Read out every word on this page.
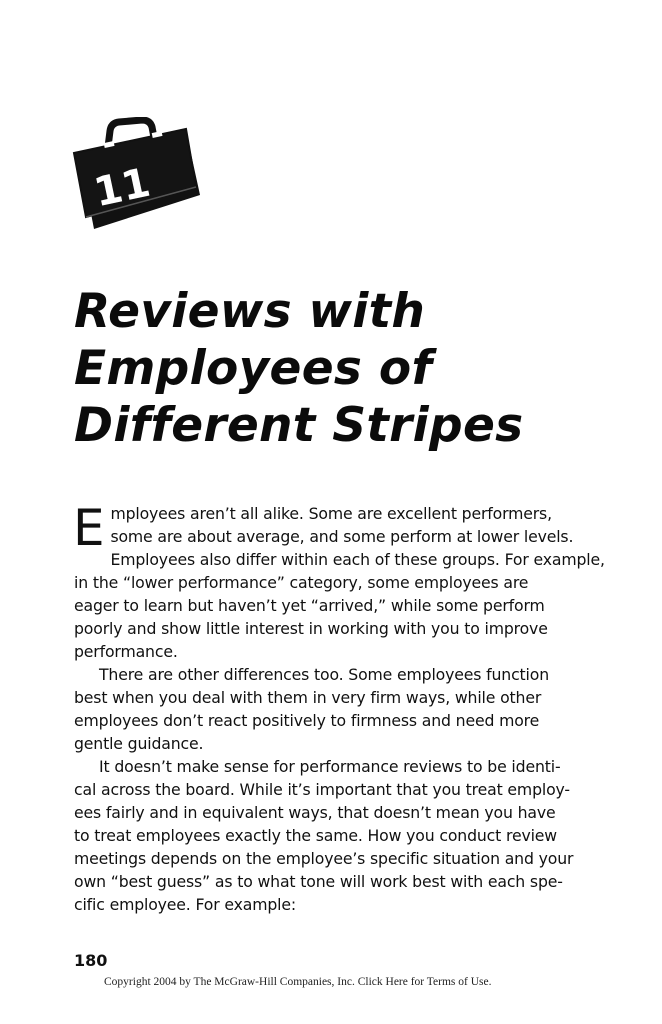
11
Reviews with
Employees of
Different Stripes

E mployees aren’t all alike. Some are excellent performers,
some are about average, and some perform at lower levels.
Employees also differ within each of these groups. For example,
in the “lower performance” category, some employees are
eager to learn but haven’t yet “arrived,” while some perform
poorly and show little interest in working with you to improve
performance.

There are other differences too. Some employees function
best when you deal with them in very firm ways, while other
employees don’t react positively to firmness and need more
gentle guidance.

It doesn’t make sense for performance reviews to be identi-
cal across the board. While it’s important that you treat employ-
ees fairly and in equivalent ways, that doesn’t mean you have
to treat employees exactly the same. How you conduct review
meetings depends on the employee’s specific situation and your
own “best guess” as to what tone will work best with each spe-
cific employee. For example:

180

Copyright 2004 by The McGraw-Hill Companies, Inc. Click Here for Terms of Use.
